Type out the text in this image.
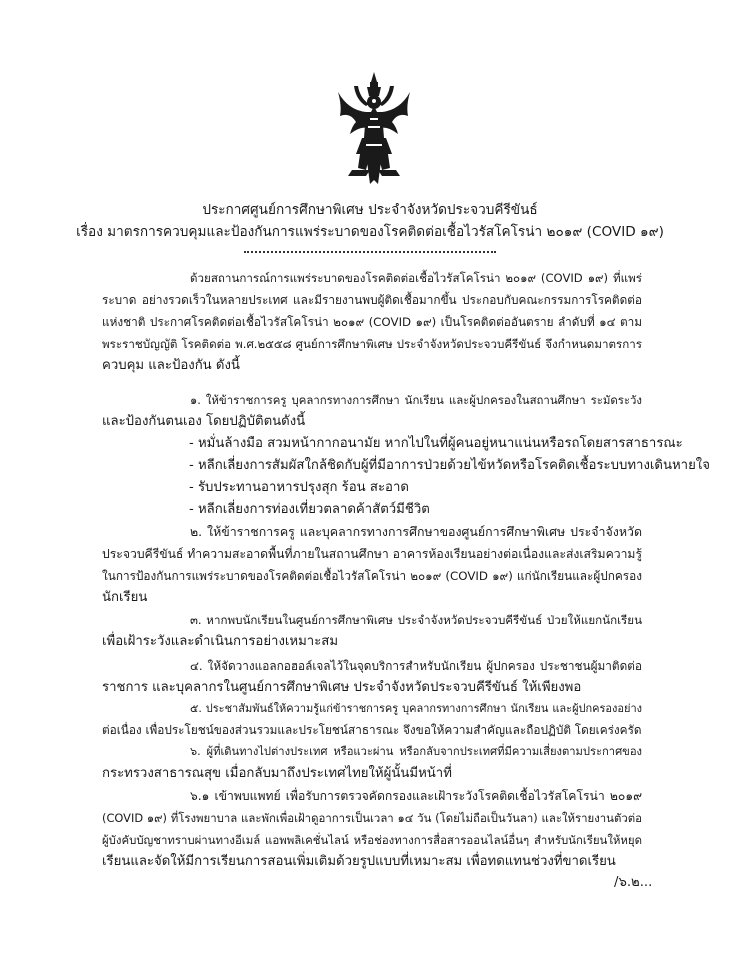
ประกาศศูนย์การศึกษาพิเศษ ประจำจังหวัดประจวบคีรีขันธ์
เรื่อง มาตรการควบคุมและป้องกันการแพร่ระบาดของโรคติดต่อเชื้อไวรัสโคโรน่า ๒๐๑๙ (COVID ๑๙)
ด้วยสถานการณ์การแพร่ระบาดของโรคติดต่อเชื้อไวรัสโคโรน่า ๒๐๑๙ (COVID ๑๙) ที่แพร่
ระบาด อย่างรวดเร็วในหลายประเทศ และมีรายงานพบผู้ติดเชื้อมากขึ้น ประกอบกับคณะกรรมการโรคติดต่อ
แห่งชาติ ประกาศโรคติดต่อเชื้อไวรัสโคโรน่า ๒๐๑๙ (COVID ๑๙) เป็นโรคติดต่ออันตราย ลำดับที่ ๑๔ ตาม
พระราชบัญญัติ โรคติดต่อ พ.ศ.๒๕๕๘ ศูนย์การศึกษาพิเศษ ประจำจังหวัดประจวบคีรีขันธ์ จึงกำหนดมาตรการ
ควบคุม และป้องกัน ดังนี้
๑. ให้ข้าราชการครู บุคลากรทางการศึกษา นักเรียน และผู้ปกครองในสถานศึกษา ระมัดระวัง
และป้องกันตนเอง โดยปฏิบัติตนดังนี้
- หมั่นล้างมือ สวมหน้ากากอนามัย หากไปในที่ผู้คนอยู่หนาแน่นหรือรถโดยสารสาธารณะ
- หลีกเลี่ยงการสัมผัสใกล้ชิดกับผู้ที่มีอาการป่วยด้วยไข้หวัดหรือโรคติดเชื้อระบบทางเดินหายใจ
- รับประทานอาหารปรุงสุก ร้อน สะอาด
- หลีกเลี่ยงการท่องเที่ยวตลาดค้าสัตว์มีชีวิต
๒. ให้ข้าราชการครู และบุคลากรทางการศึกษาของศูนย์การศึกษาพิเศษ ประจำจังหวัด
ประจวบคีรีขันธ์ ทำความสะอาดพื้นที่ภายในสถานศึกษา อาคารห้องเรียนอย่างต่อเนื่องและส่งเสริมความรู้
ในการป้องกันการแพร่ระบาดของโรคติดต่อเชื้อไวรัสโคโรน่า ๒๐๑๙ (COVID ๑๙) แก่นักเรียนและผู้ปกครอง
นักเรียน
๓. หากพบนักเรียนในศูนย์การศึกษาพิเศษ ประจำจังหวัดประจวบคีรีขันธ์ ป่วยให้แยกนักเรียน
เพื่อเฝ้าระวังและดำเนินการอย่างเหมาะสม
๔. ให้จัดวางแอลกอฮอล์เจลไว้ในจุดบริการสำหรับนักเรียน ผู้ปกครอง ประชาชนผู้มาติดต่อ
ราชการ และบุคลากรในศูนย์การศึกษาพิเศษ ประจำจังหวัดประจวบคีรีขันธ์ ให้เพียงพอ
๕. ประชาสัมพันธ์ให้ความรู้แก่ข้าราชการครู บุคลากรทางการศึกษา นักเรียน และผู้ปกครองอย่าง
ต่อเนื่อง เพื่อประโยชน์ของส่วนรวมและประโยชน์สาธารณะ จึงขอให้ความสำคัญและถือปฏิบัติ โดยเคร่งครัด
๖. ผู้ที่เดินทางไปต่างประเทศ หรือแวะผ่าน หรือกลับจากประเทศที่มีความเสี่ยงตามประกาศของ
กระทรวงสาธารณสุข เมื่อกลับมาถึงประเทศไทยให้ผู้นั้นมีหน้าที่
๖.๑ เข้าพบแพทย์ เพื่อรับการตรวจคัดกรองและเฝ้าระวังโรคติดเชื้อไวรัสโคโรน่า ๒๐๑๙
(COVID ๑๙) ที่โรงพยาบาล และพักเพื่อเฝ้าดูอาการเป็นเวลา ๑๔ วัน (โดยไม่ถือเป็นวันลา) และให้รายงานตัวต่อ
ผู้บังคับบัญชาทราบผ่านทางอีเมล์ แอพพลิเคชั่นไลน์ หรือช่องทางการสื่อสารออนไลน์อื่นๆ สำหรับนักเรียนให้หยุด
เรียนและจัดให้มีการเรียนการสอนเพิ่มเติมด้วยรูปแบบที่เหมาะสม เพื่อทดแทนช่วงที่ขาดเรียน
/๖.๒...
